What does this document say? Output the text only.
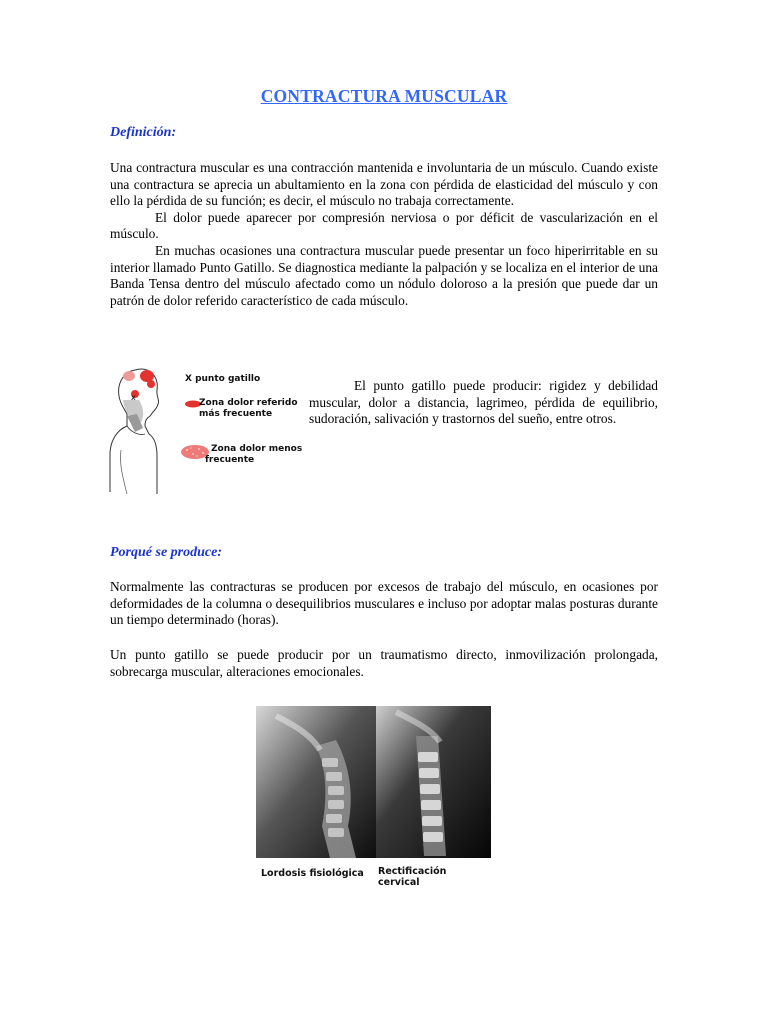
CONTRACTURA MUSCULAR
Definición:

Una contractura muscular es una contracción mantenida e involuntaria de un músculo. Cuando existe una contractura se aprecia un abultamiento en la zona con pérdida de elasticidad del músculo y con ello la pérdida de su función; es decir, el músculo no trabaja correctamente.

El dolor puede aparecer por compresión nerviosa o por déficit de vascularización en el músculo.

En muchas ocasiones una contractura muscular puede presentar un foco hiperirritable en su interior llamado Punto Gatillo. Se diagnostica mediante la palpación y se localiza en el interior de una Banda Tensa dentro del músculo afectado como un nódulo doloroso a la presión que puede dar un patrón de dolor referido característico de cada músculo.

x
X punto gatillo
Zona dolor referido
más frecuente
Zona dolor menos
frecuente
El punto gatillo puede producir: rigidez y debilidad muscular, dolor a distancia, lagrimeo, pérdida de equilibrio, sudoración, salivación y trastornos del sueño, entre otros.
Porqué se produce:
Normalmente las contracturas se producen por excesos de trabajo del músculo, en ocasiones por deformidades de la columna o desequilibrios musculares e incluso por adoptar malas posturas durante un tiempo determinado (horas).
Un punto gatillo se puede producir por un traumatismo directo, inmovilización prolongada, sobrecarga muscular, alteraciones emocionales.
Lordosis fisiológica Rectificación cervical
